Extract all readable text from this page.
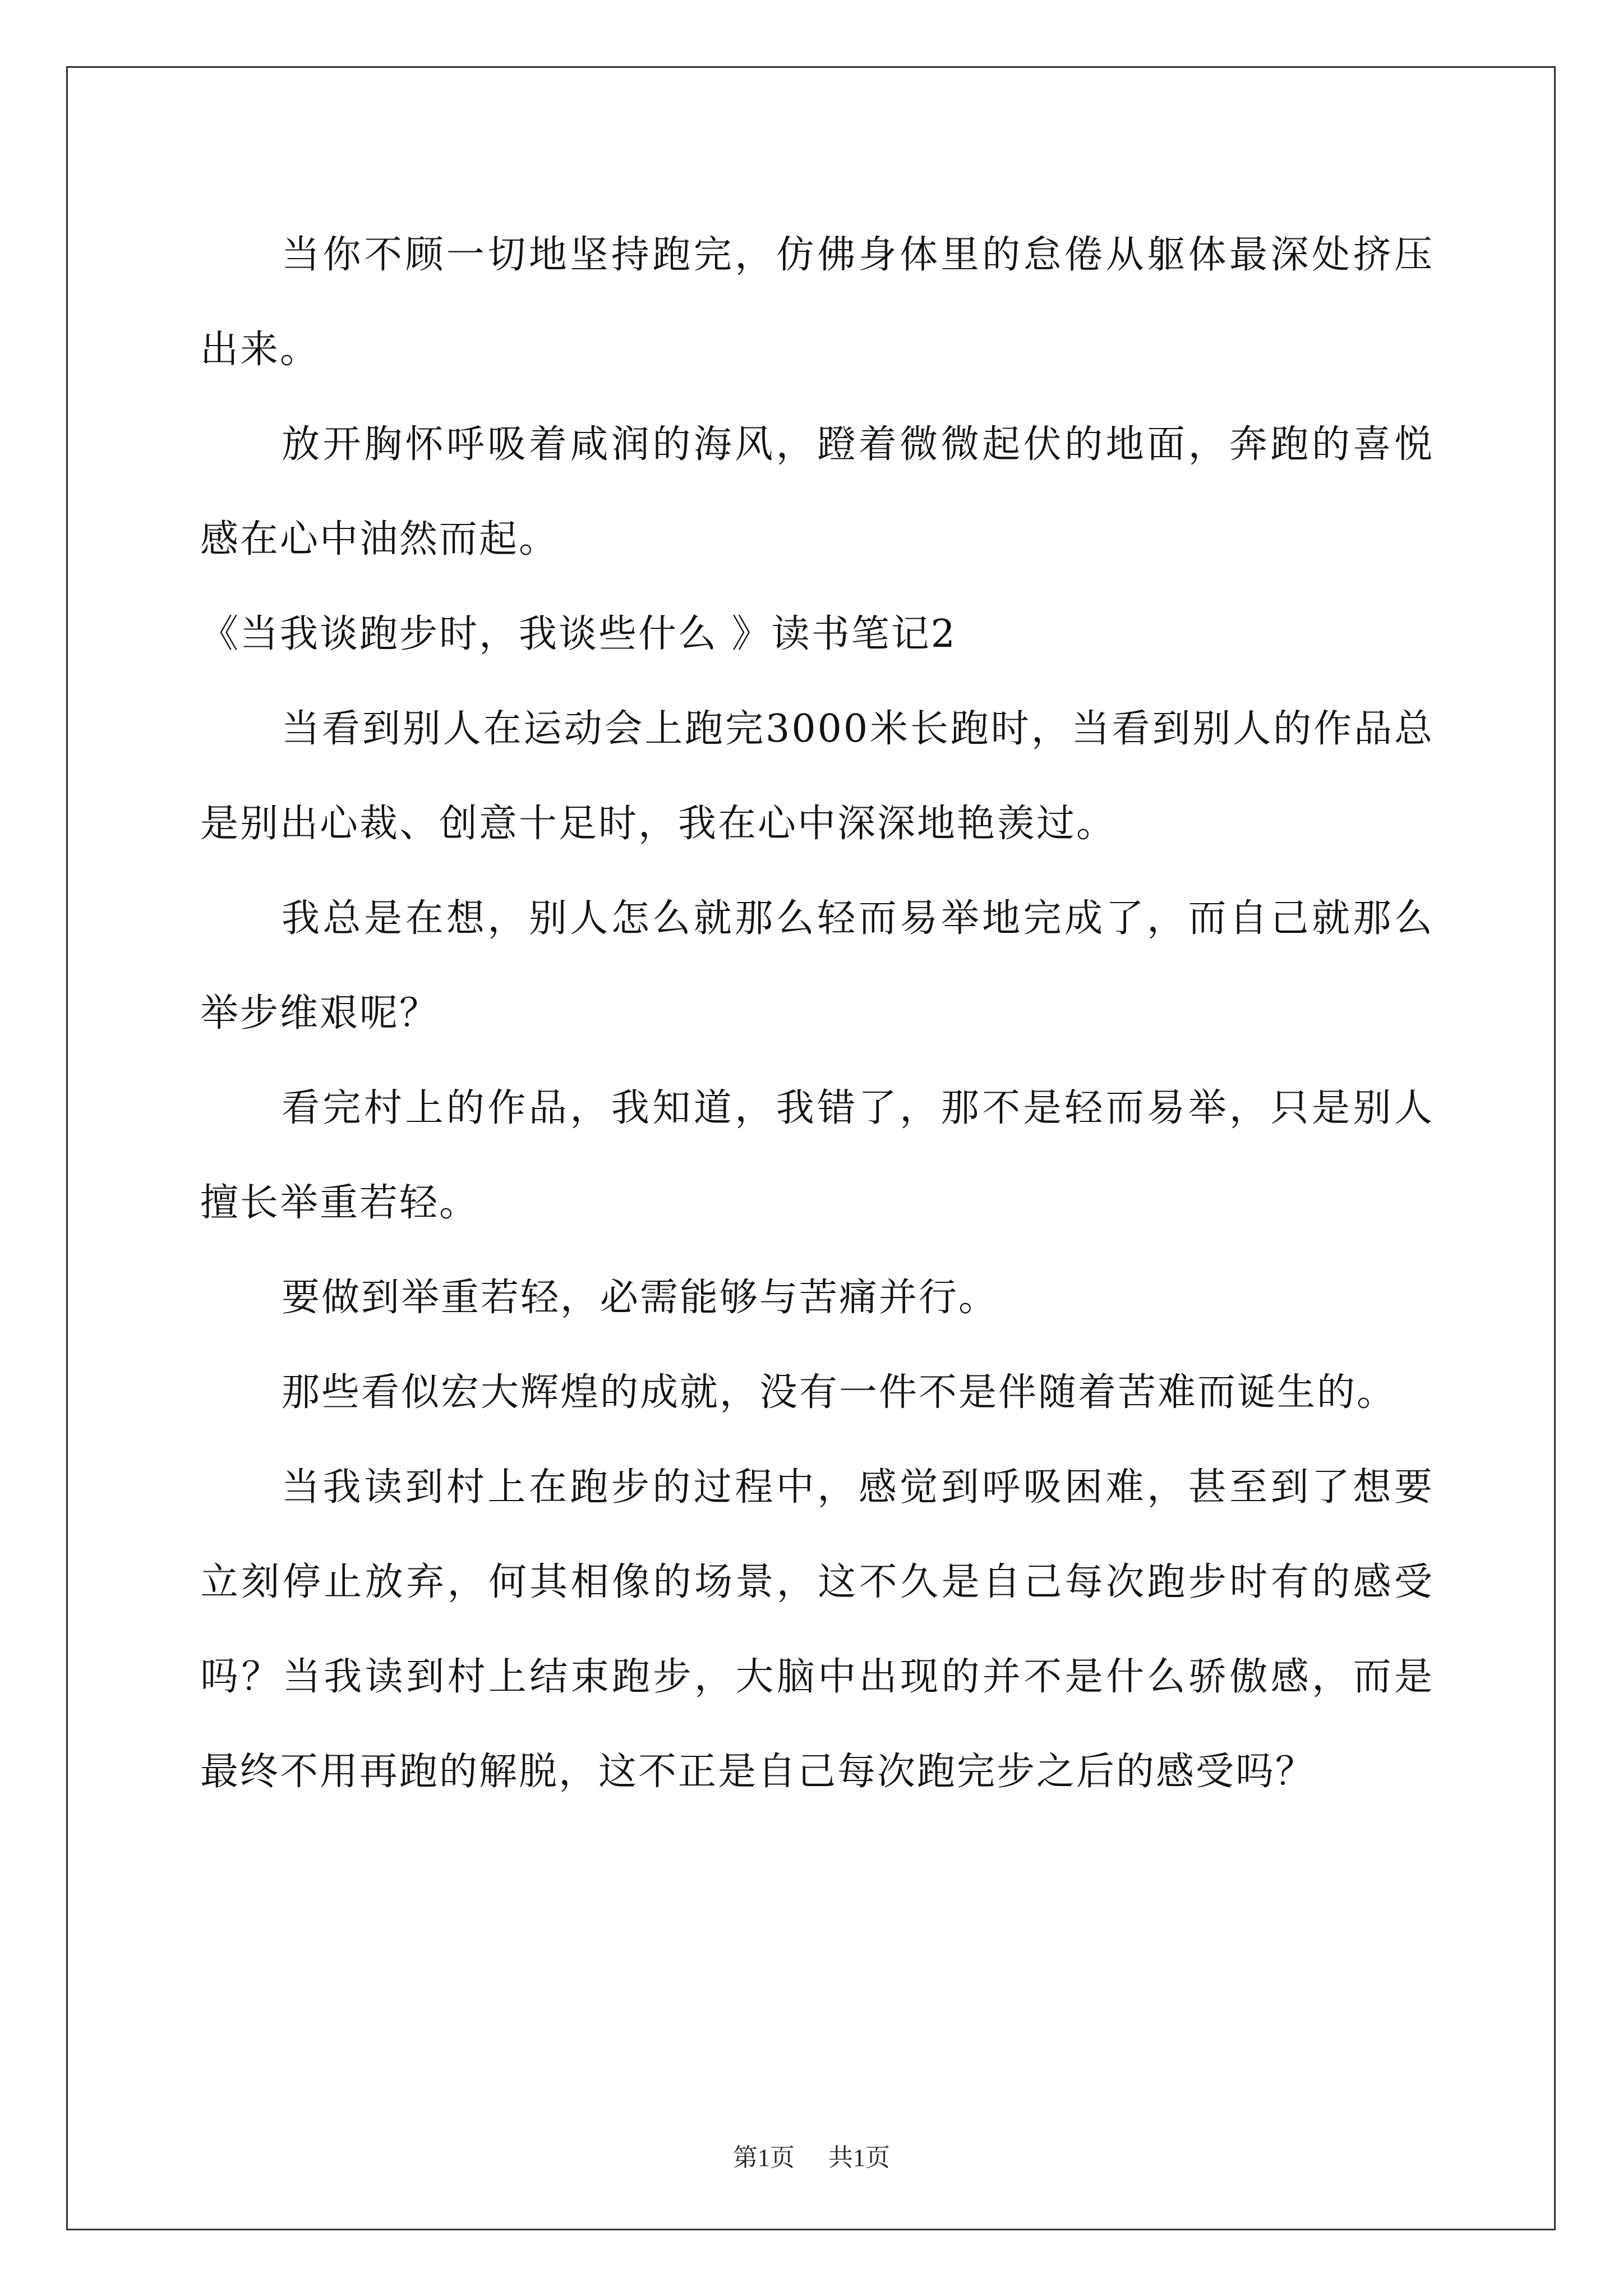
当你不顾一切地坚持跑完，仿佛身体里的怠倦从躯体最深处挤压出来。

放开胸怀呼吸着咸润的海风，蹬着微微起伏的地面，奔跑的喜悦感在心中油然而起。

《当我谈跑步时，我谈些什么 》读书笔记2

当看到别人在运动会上跑完3000米长跑时，当看到别人的作品总是别出心裁、创意十足时，我在心中深深地艳羡过。

我总是在想，别人怎么就那么轻而易举地完成了，而自己就那么举步维艰呢？

看完村上的作品，我知道，我错了，那不是轻而易举，只是别人擅长举重若轻。

要做到举重若轻，必需能够与苦痛并行。

那些看似宏大辉煌的成就，没有一件不是伴随着苦难而诞生的。

当我读到村上在跑步的过程中，感觉到呼吸困难，甚至到了想要立刻停止放弃，何其相像的场景，这不久是自己每次跑步时有的感受吗？当我读到村上结束跑步，大脑中出现的并不是什么骄傲感，而是最终不用再跑的解脱，这不正是自己每次跑完步之后的感受吗？

第1页 共1页
